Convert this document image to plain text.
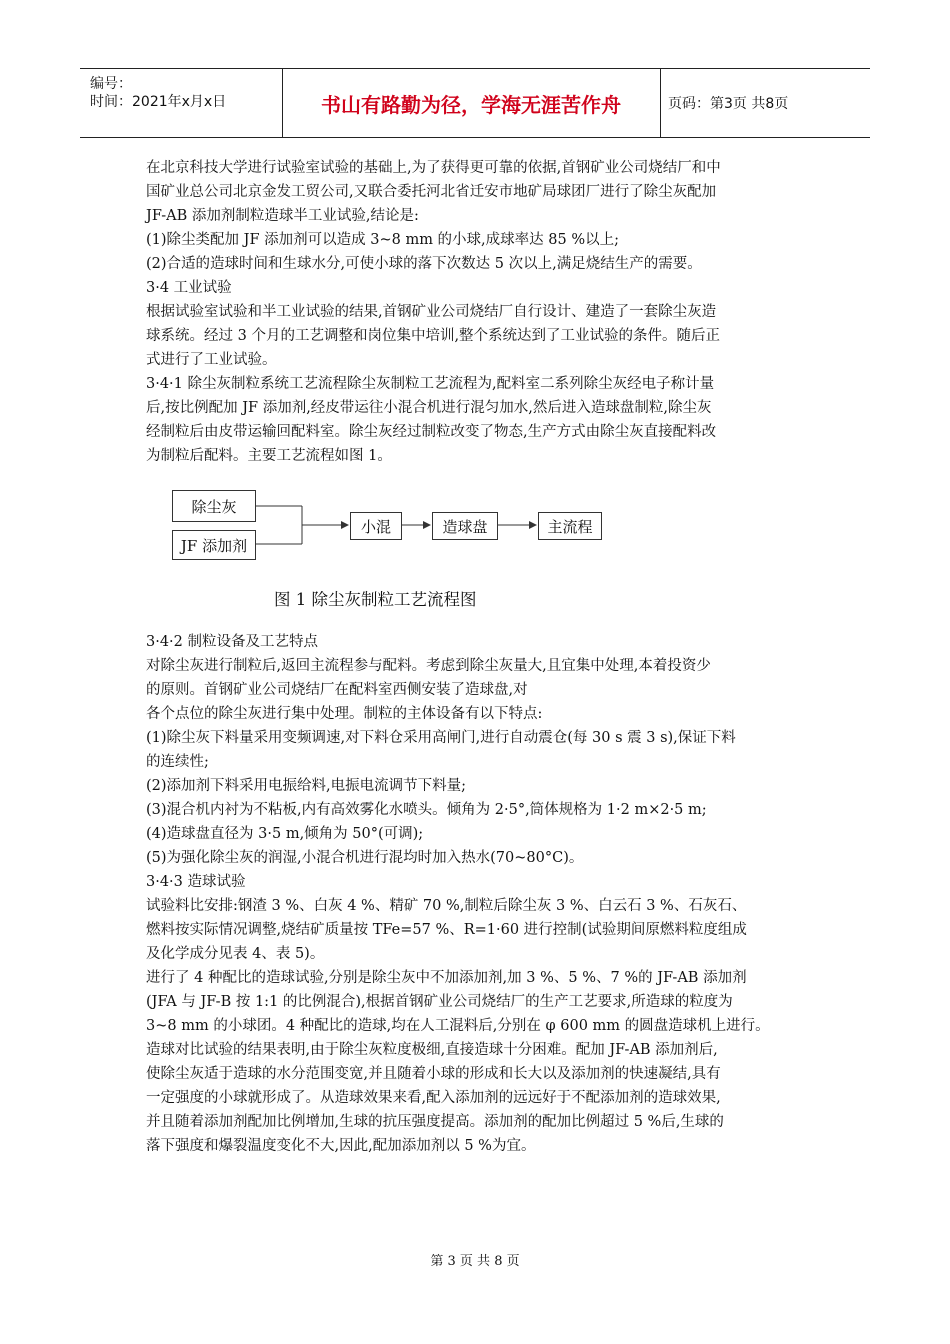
编号：
时间：2021年x月x日	书山有路勤为径，学海无涯苦作舟	页码：第3页 共8页

在北京科技大学进行试验室试验的基础上,为了获得更可靠的依据,首钢矿业公司烧结厂和中

国矿业总公司北京金发工贸公司,又联合委托河北省迁安市地矿局球团厂进行了除尘灰配加

JF-AB 添加剂制粒造球半工业试验,结论是:

(1)除尘类配加 JF 添加剂可以造成 3~8 mm 的小球,成球率达 85 %以上;

(2)合适的造球时间和生球水分,可使小球的落下次数达 5 次以上,满足烧结生产的需要。

3·4 工业试验

根据试验室试验和半工业试验的结果,首钢矿业公司烧结厂自行设计、建造了一套除尘灰造

球系统。经过 3 个月的工艺调整和岗位集中培训,整个系统达到了工业试验的条件。随后正

式进行了工业试验。

3·4·1 除尘灰制粒系统工艺流程除尘灰制粒工艺流程为,配料室二系列除尘灰经电子称计量

后,按比例配加 JF 添加剂,经皮带运往小混合机进行混匀加水,然后进入造球盘制粒,除尘灰

经制粒后由皮带运输回配料室。除尘灰经过制粒改变了物态,生产方式由除尘灰直接配料改

为制粒后配料。主要工艺流程如图 1。

除尘灰
JF 添加剂
小混	造球盘	主流程
图 1 除尘灰制粒工艺流程图

3·4·2 制粒设备及工艺特点

对除尘灰进行制粒后,返回主流程参与配料。考虑到除尘灰量大,且宜集中处理,本着投资少

的原则。首钢矿业公司烧结厂在配料室西侧安装了造球盘,对

各个点位的除尘灰进行集中处理。制粒的主体设备有以下特点:

(1)除尘灰下料量采用变频调速,对下料仓采用高闸门,进行自动震仓(每 30 s 震 3 s),保证下料

的连续性;

(2)添加剂下料采用电振给料,电振电流调节下料量;

(3)混合机内衬为不粘板,内有高效雾化水喷头。倾角为 2·5°,筒体规格为 1·2 m×2·5 m;

(4)造球盘直径为 3·5 m,倾角为 50°(可调);

(5)为强化除尘灰的润湿,小混合机进行混均时加入热水(70~80°C)。

3·4·3 造球试验

试验料比安排:钢渣 3 %、白灰 4 %、精矿 70 %,制粒后除尘灰 3 %、白云石 3 %、石灰石、

燃料按实际情况调整,烧结矿质量按 TFe=57 %、R=1·60 进行控制(试验期间原燃料粒度组成

及化学成分见表 4、表 5)。

进行了 4 种配比的造球试验,分别是除尘灰中不加添加剂,加 3 %、5 %、7 %的 JF-AB 添加剂

(JFA 与 JF-B 按 1:1 的比例混合),根据首钢矿业公司烧结厂的生产工艺要求,所造球的粒度为

3~8 mm 的小球团。4 种配比的造球,均在人工混料后,分别在 φ 600 mm 的圆盘造球机上进行。

造球对比试验的结果表明,由于除尘灰粒度极细,直接造球十分困难。配加 JF-AB 添加剂后,

使除尘灰适于造球的水分范围变宽,并且随着小球的形成和长大以及添加剂的快速凝结,具有

一定强度的小球就形成了。从造球效果来看,配入添加剂的远远好于不配添加剂的造球效果,

并且随着添加剂配加比例增加,生球的抗压强度提高。添加剂的配加比例超过 5 %后,生球的

落下强度和爆裂温度变化不大,因此,配加添加剂以 5 %为宜。

第 3 页 共 8 页
